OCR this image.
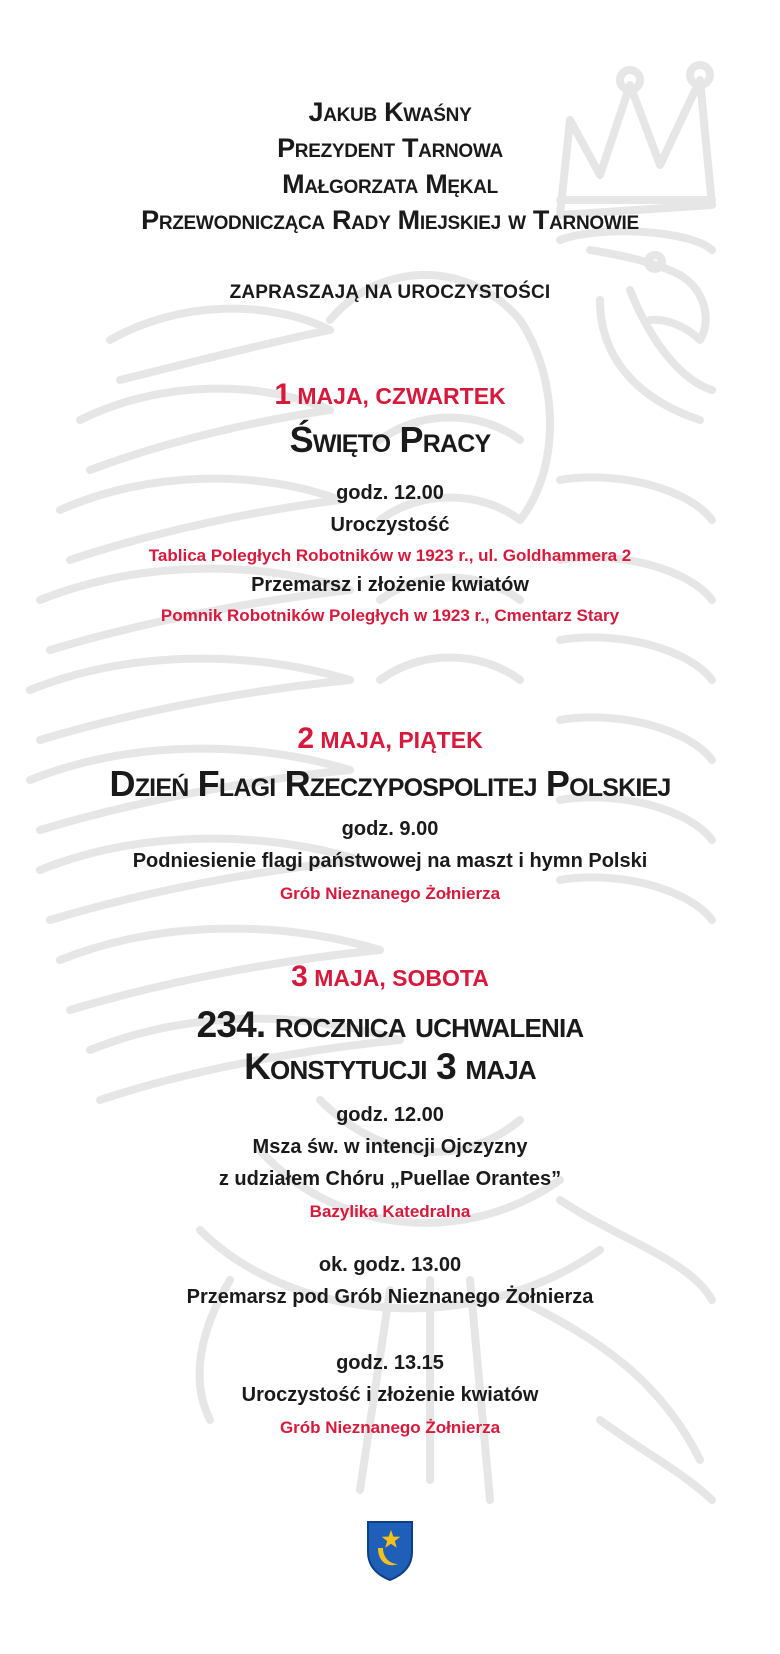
Jakub Kwaśny
Prezydent Tarnowa
Małgorzata Mękal
Przewodnicząca Rady Miejskiej w Tarnowie
ZAPRASZAJĄ NA UROCZYSTOŚCI
1 MAJA, CZWARTEK
Święto Pracy
godz. 12.00
Uroczystość
Tablica Poległych Robotników w 1923 r., ul. Goldhammera 2
Przemarsz i złożenie kwiatów
Pomnik Robotników Poległych w 1923 r., Cmentarz Stary
2 MAJA, PIĄTEK
Dzień Flagi Rzeczypospolitej Polskiej
godz. 9.00
Podniesienie flagi państwowej na maszt i hymn Polski
Grób Nieznanego Żołnierza
3 MAJA, SOBOTA
234. rocznica uchwalenia
Konstytucji 3 maja
godz. 12.00
Msza św. w intencji Ojczyzny
z udziałem Chóru „Puellae Orantes”
Bazylika Katedralna
ok. godz. 13.00
Przemarsz pod Grób Nieznanego Żołnierza
godz. 13.15
Uroczystość i złożenie kwiatów
Grób Nieznanego Żołnierza
